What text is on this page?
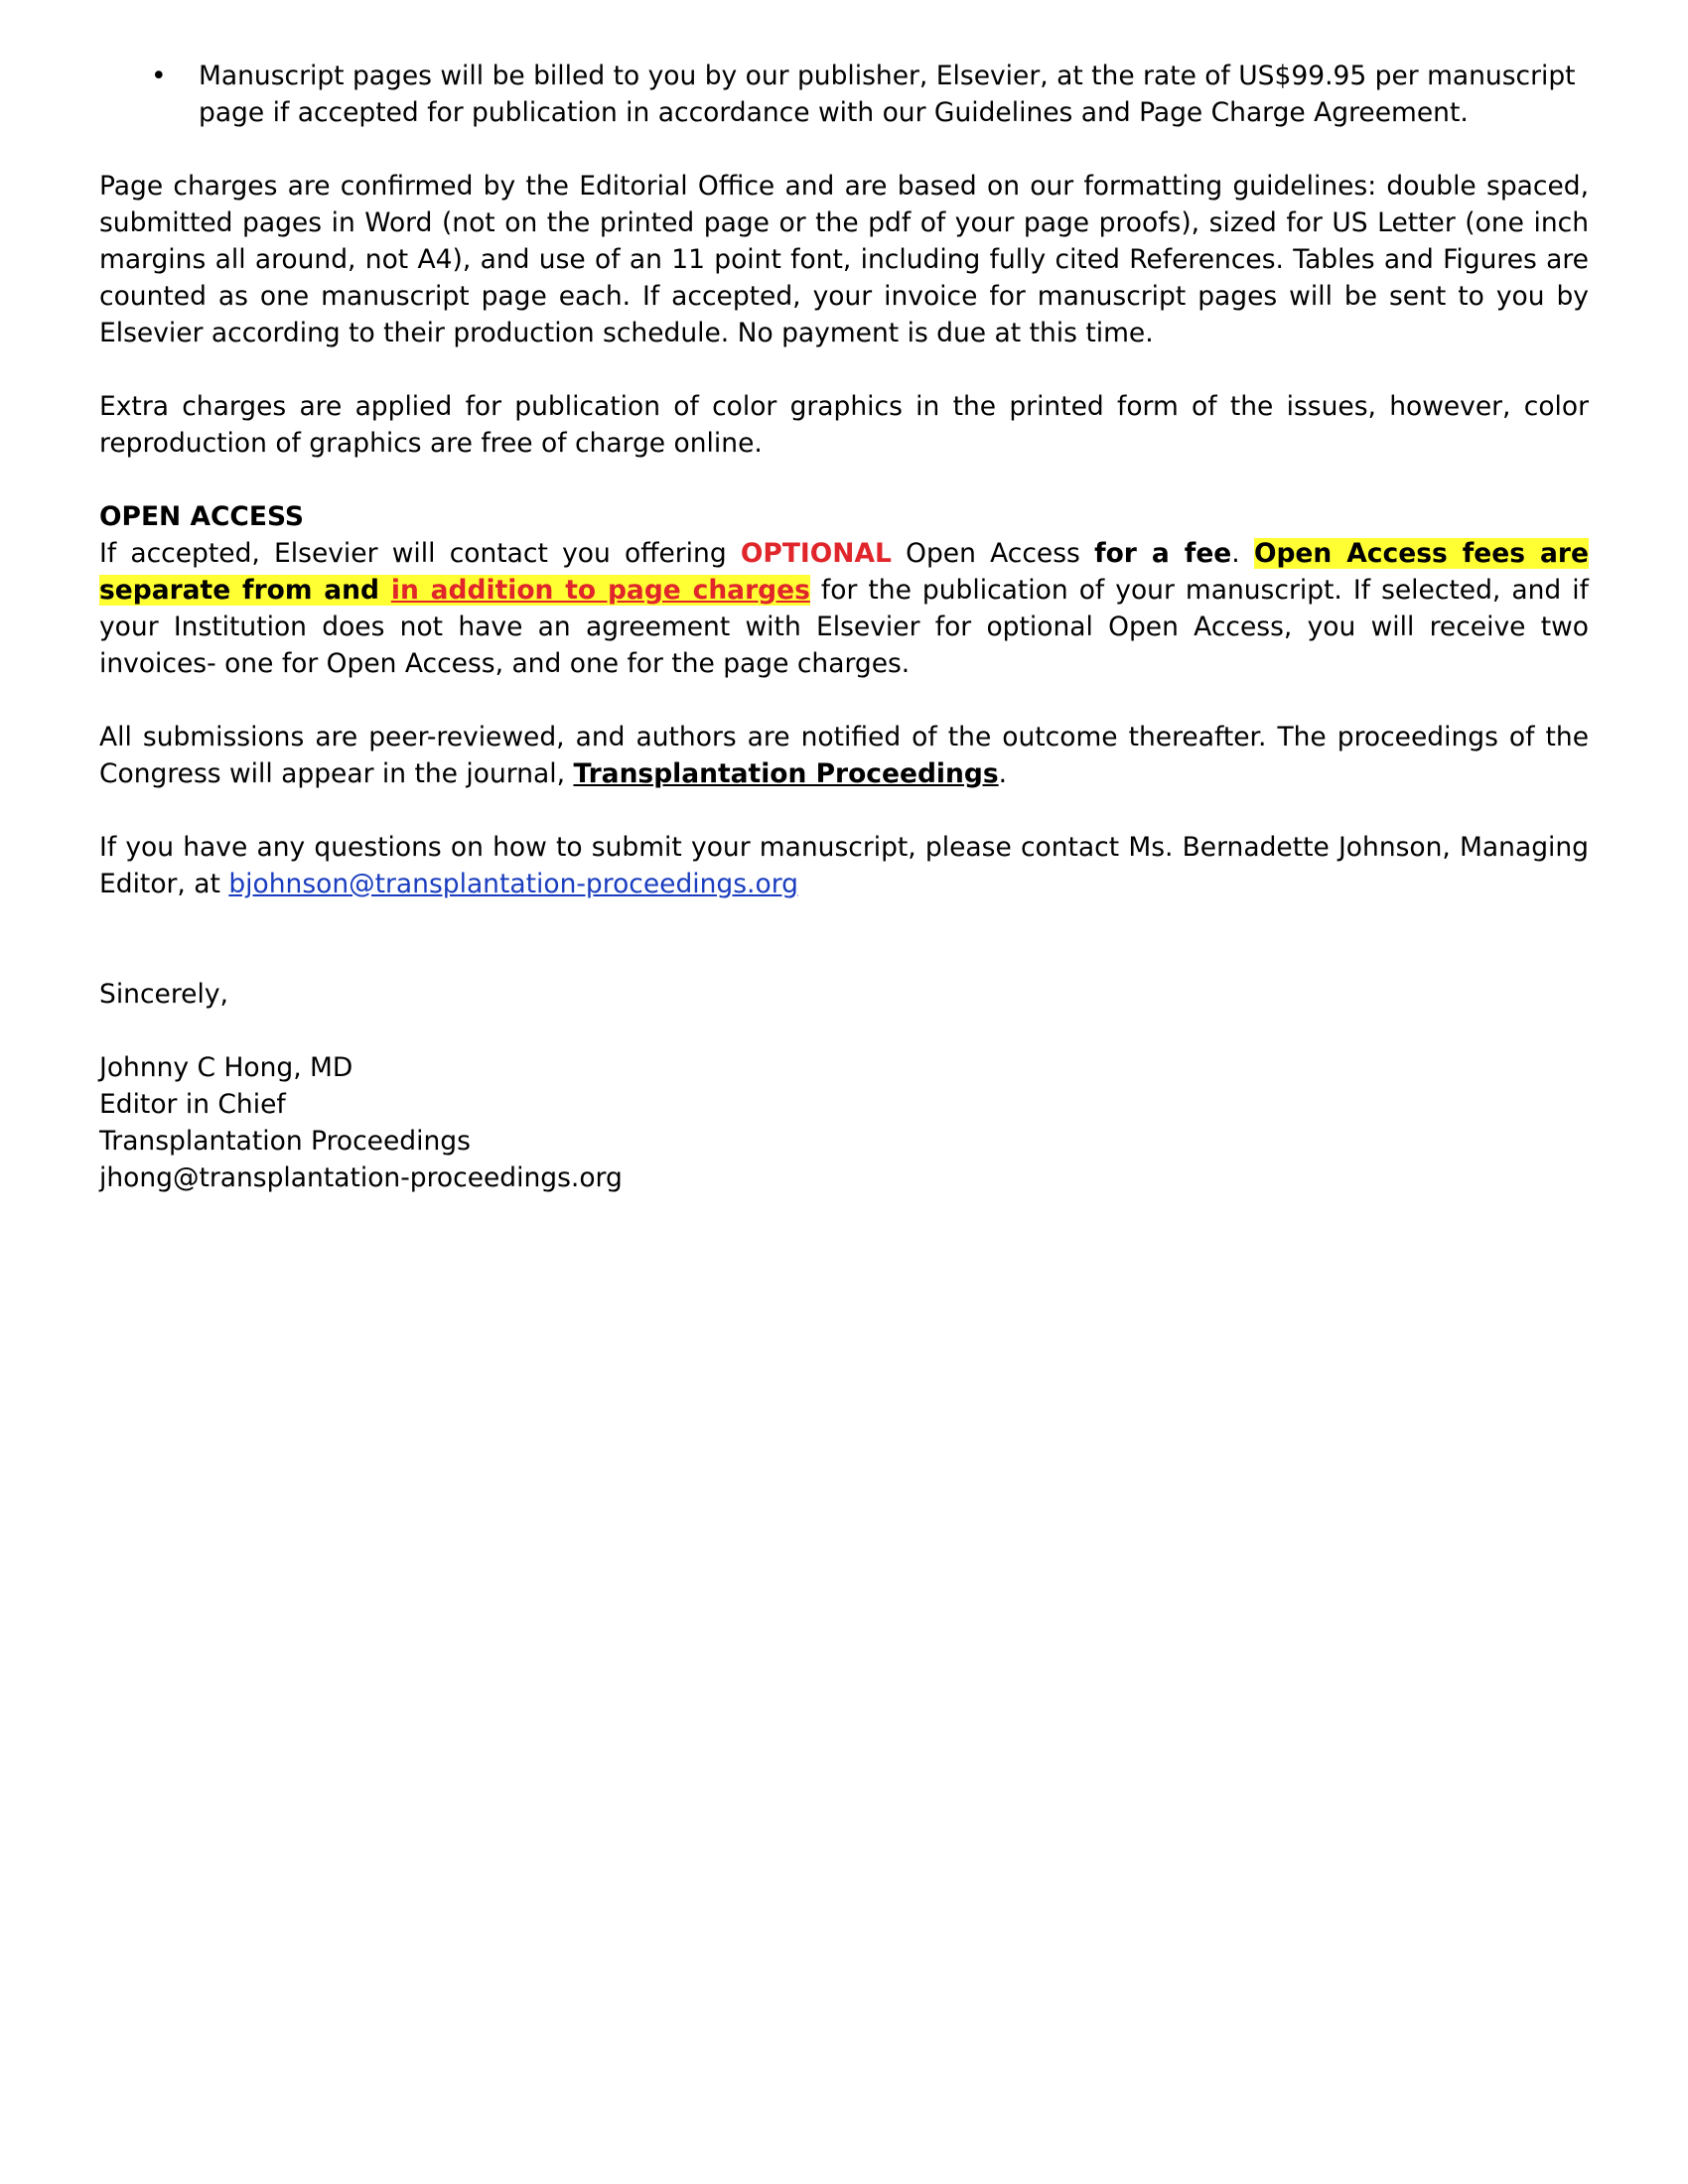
• Manuscript pages will be billed to you by our publisher, Elsevier, at the rate of US$99.95 per manuscript page if accepted for publication in accordance with our Guidelines and Page Charge Agreement.

Page charges are confirmed by the Editorial Office and are based on our formatting guidelines: double spaced, submitted pages in Word (not on the printed page or the pdf of your page proofs), sized for US Letter (one inch margins all around, not A4), and use of an 11 point font, including fully cited References. Tables and Figures are counted as one manuscript page each. If accepted, your invoice for manuscript pages will be sent to you by Elsevier according to their production schedule. No payment is due at this time.

Extra charges are applied for publication of color graphics in the printed form of the issues, however, color reproduction of graphics are free of charge online.

OPEN ACCESS

If accepted, Elsevier will contact you offering OPTIONAL Open Access for a fee. Open Access fees are separate from and in addition to page charges for the publication of your manuscript. If selected, and if your Institution does not have an agreement with Elsevier for optional Open Access, you will receive two invoices- one for Open Access, and one for the page charges.

All submissions are peer-reviewed, and authors are notified of the outcome thereafter. The proceedings of the Congress will appear in the journal, Transplantation Proceedings.

If you have any questions on how to submit your manuscript, please contact Ms. Bernadette Johnson, Managing Editor, at bjohnson@transplantation-proceedings.org

Sincerely,

Johnny C Hong, MD

Editor in Chief

Transplantation Proceedings

jhong@transplantation-proceedings.org
